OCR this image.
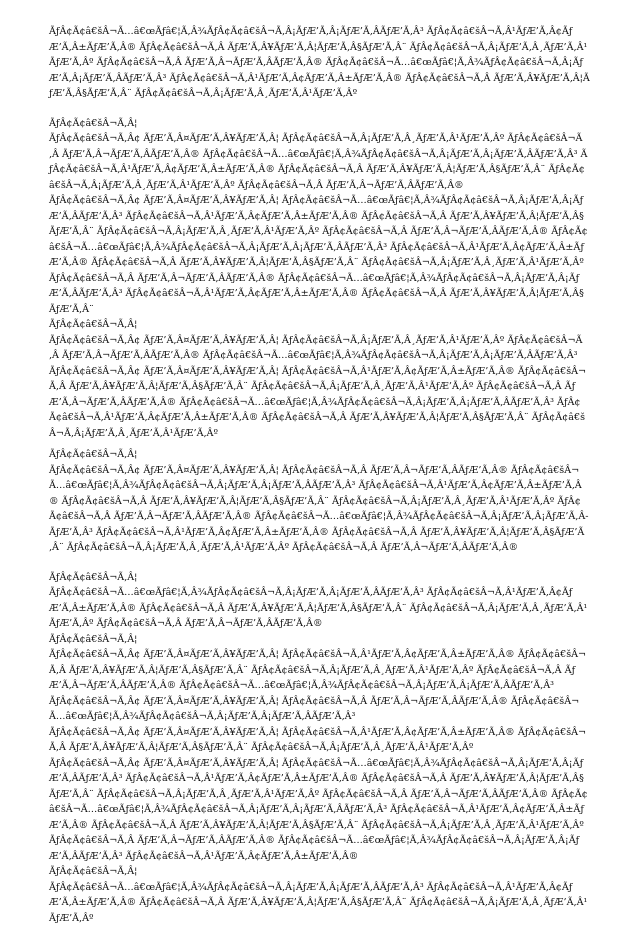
ÃƒÂ¢Ã¢â€šÂ¬Ã…â€œÃƒâ€¦Ã‚Â¾ÃƒÂ¢Ã¢â€šÂ¬Ã‚Â¡ÃƒÆ’Ã‚Â¡ÃƒÆ’Ã‚ÂÃƒÆ’Ã‚Â³ ÃƒÂ¢Ã¢â€šÂ¬Ã‚Â¹ÃƒÆ’Ã‚Â¢ÃƒÆ’Ã‚Â±ÃƒÆ’Ã‚Â® ÃƒÂ¢Ã¢â€šÂ¬Ã‚Â ÃƒÆ’Ã‚Â¥ÃƒÆ’Ã‚Â¦ÃƒÆ’Ã‚Â§ÃƒÆ’Ã‚Â¨ ÃƒÂ¢Ã¢â€šÂ¬Ã‚Â¡ÃƒÆ’Ã‚Â¸ÃƒÆ’Ã‚Â¹ÃƒÆ’Ã‚Âº ÃƒÂ¢Ã¢â€šÂ¬Ã‚Â ÃƒÆ’Ã‚Â¬ÃƒÆ’Ã‚ÂÃƒÆ’Ã‚Â® ÃƒÂ¢Ã¢â€šÂ¬Ã…â€œÃƒâ€¦Ã‚Â¾ÃƒÂ¢Ã¢â€šÂ¬Ã‚Â¡ÃƒÆ’Ã‚Â¡ÃƒÆ’Ã‚ÂÃƒÆ’Ã‚Â³ ÃƒÂ¢Ã¢â€šÂ¬Ã‚Â¹ÃƒÆ’Ã‚Â¢ÃƒÆ’Ã‚Â±ÃƒÆ’Ã‚Â® ÃƒÂ¢Ã¢â€šÂ¬Ã‚Â ÃƒÆ’Ã‚Â¥ÃƒÆ’Ã‚Â¦ÃƒÆ’Ã‚Â§ÃƒÆ’Ã‚Â¨ ÃƒÂ¢Ã¢â€šÂ¬Ã‚Â¡ÃƒÆ’Ã‚Â¸ÃƒÆ’Ã‚Â¹ÃƒÆ’Ã‚Âº

ÃƒÂ¢Ã¢â€šÂ¬Ã‚Â¦

ÃƒÂ¢Ã¢â€šÂ¬Ã‚Â¢ ÃƒÆ’Ã‚Â¤ÃƒÆ’Ã‚Â¥ÃƒÆ’Ã‚Â¦ ÃƒÂ¢Ã¢â€šÂ¬Ã‚Â¡ÃƒÆ’Ã‚Â¸ÃƒÆ’Ã‚Â¹ÃƒÆ’Ã‚Âº ÃƒÂ¢Ã¢â€šÂ¬Ã‚Â ÃƒÆ’Ã‚Â¬ÃƒÆ’Ã‚ÂÃƒÆ’Ã‚Â® ÃƒÂ¢Ã¢â€šÂ¬Ã…â€œÃƒâ€¦Ã‚Â¾ÃƒÂ¢Ã¢â€šÂ¬Ã‚Â¡ÃƒÆ’Ã‚Â¡ÃƒÆ’Ã‚ÂÃƒÆ’Ã‚Â³ ÃƒÂ¢Ã¢â€šÂ¬Ã‚Â¹ÃƒÆ’Ã‚Â¢ÃƒÆ’Ã‚Â±ÃƒÆ’Ã‚Â® ÃƒÂ¢Ã¢â€šÂ¬Ã‚Â ÃƒÆ’Ã‚Â¥ÃƒÆ’Ã‚Â¦ÃƒÆ’Ã‚Â§ÃƒÆ’Ã‚Â¨ ÃƒÂ¢Ã¢â€šÂ¬Ã‚Â¡ÃƒÆ’Ã‚Â¸ÃƒÆ’Ã‚Â¹ÃƒÆ’Ã‚Âº ÃƒÂ¢Ã¢â€šÂ¬Ã‚Â ÃƒÆ’Ã‚Â¬ÃƒÆ’Ã‚ÂÃƒÆ’Ã‚Â®

ÃƒÂ¢Ã¢â€šÂ¬Ã‚Â¢ ÃƒÆ’Ã‚Â¤ÃƒÆ’Ã‚Â¥ÃƒÆ’Ã‚Â¦ ÃƒÂ¢Ã¢â€šÂ¬Ã…â€œÃƒâ€¦Ã‚Â¾ÃƒÂ¢Ã¢â€šÂ¬Ã‚Â¡ÃƒÆ’Ã‚Â¡ÃƒÆ’Ã‚ÂÃƒÆ’Ã‚Â³ ÃƒÂ¢Ã¢â€šÂ¬Ã‚Â¹ÃƒÆ’Ã‚Â¢ÃƒÆ’Ã‚Â±ÃƒÆ’Ã‚Â® ÃƒÂ¢Ã¢â€šÂ¬Ã‚Â ÃƒÆ’Ã‚Â¥ÃƒÆ’Ã‚Â¦ÃƒÆ’Ã‚Â§ÃƒÆ’Ã‚Â¨ ÃƒÂ¢Ã¢â€šÂ¬Ã‚Â¡ÃƒÆ’Ã‚Â¸ÃƒÆ’Ã‚Â¹ÃƒÆ’Ã‚Âº ÃƒÂ¢Ã¢â€šÂ¬Ã‚Â ÃƒÆ’Ã‚Â¬ÃƒÆ’Ã‚ÂÃƒÆ’Ã‚Â® ÃƒÂ¢Ã¢â€šÂ¬Ã…â€œÃƒâ€¦Ã‚Â¾ÃƒÂ¢Ã¢â€šÂ¬Ã‚Â¡ÃƒÆ’Ã‚Â¡ÃƒÆ’Ã‚ÂÃƒÆ’Ã‚Â³ ÃƒÂ¢Ã¢â€šÂ¬Ã‚Â¹ÃƒÆ’Ã‚Â¢ÃƒÆ’Ã‚Â±ÃƒÆ’Ã‚Â® ÃƒÂ¢Ã¢â€šÂ¬Ã‚Â ÃƒÆ’Ã‚Â¥ÃƒÆ’Ã‚Â¦ÃƒÆ’Ã‚Â§ÃƒÆ’Ã‚Â¨ ÃƒÂ¢Ã¢â€šÂ¬Ã‚Â¡ÃƒÆ’Ã‚Â¸ÃƒÆ’Ã‚Â¹ÃƒÆ’Ã‚Âº ÃƒÂ¢Ã¢â€šÂ¬Ã‚Â ÃƒÆ’Ã‚Â¬ÃƒÆ’Ã‚ÂÃƒÆ’Ã‚Â® ÃƒÂ¢Ã¢â€šÂ¬Ã…â€œÃƒâ€¦Ã‚Â¾ÃƒÂ¢Ã¢â€šÂ¬Ã‚Â¡ÃƒÆ’Ã‚Â¡ÃƒÆ’Ã‚ÂÃƒÆ’Ã‚Â³ ÃƒÂ¢Ã¢â€šÂ¬Ã‚Â¹ÃƒÆ’Ã‚Â¢ÃƒÆ’Ã‚Â±ÃƒÆ’Ã‚Â® ÃƒÂ¢Ã¢â€šÂ¬Ã‚Â ÃƒÆ’Ã‚Â¥ÃƒÆ’Ã‚Â¦ÃƒÆ’Ã‚Â§ÃƒÆ’Ã‚Â¨

ÃƒÂ¢Ã¢â€šÂ¬Ã‚Â¦

ÃƒÂ¢Ã¢â€šÂ¬Ã‚Â¢ ÃƒÆ’Ã‚Â¤ÃƒÆ’Ã‚Â¥ÃƒÆ’Ã‚Â¦ ÃƒÂ¢Ã¢â€šÂ¬Ã‚Â¡ÃƒÆ’Ã‚Â¸ÃƒÆ’Ã‚Â¹ÃƒÆ’Ã‚Âº ÃƒÂ¢Ã¢â€šÂ¬Ã‚Â ÃƒÆ’Ã‚Â¬ÃƒÆ’Ã‚ÂÃƒÆ’Ã‚Â® ÃƒÂ¢Ã¢â€šÂ¬Ã…â€œÃƒâ€¦Ã‚Â¾ÃƒÂ¢Ã¢â€šÂ¬Ã‚Â¡ÃƒÆ’Ã‚Â¡ÃƒÆ’Ã‚ÂÃƒÆ’Ã‚Â³

ÃƒÂ¢Ã¢â€šÂ¬Ã‚Â¢ ÃƒÆ’Ã‚Â¤ÃƒÆ’Ã‚Â¥ÃƒÆ’Ã‚Â¦ ÃƒÂ¢Ã¢â€šÂ¬Ã‚Â¹ÃƒÆ’Ã‚Â¢ÃƒÆ’Ã‚Â±ÃƒÆ’Ã‚Â® ÃƒÂ¢Ã¢â€šÂ¬Ã‚Â ÃƒÆ’Ã‚Â¥ÃƒÆ’Ã‚Â¦ÃƒÆ’Ã‚Â§ÃƒÆ’Ã‚Â¨ ÃƒÂ¢Ã¢â€šÂ¬Ã‚Â¡ÃƒÆ’Ã‚Â¸ÃƒÆ’Ã‚Â¹ÃƒÆ’Ã‚Âº ÃƒÂ¢Ã¢â€šÂ¬Ã‚Â ÃƒÆ’Ã‚Â¬ÃƒÆ’Ã‚ÂÃƒÆ’Ã‚Â® ÃƒÂ¢Ã¢â€šÂ¬Ã…â€œÃƒâ€¦Ã‚Â¾ÃƒÂ¢Ã¢â€šÂ¬Ã‚Â¡ÃƒÆ’Ã‚Â¡ÃƒÆ’Ã‚ÂÃƒÆ’Ã‚Â³ ÃƒÂ¢Ã¢â€šÂ¬Ã‚Â¹ÃƒÆ’Ã‚Â¢ÃƒÆ’Ã‚Â±ÃƒÆ’Ã‚Â® ÃƒÂ¢Ã¢â€šÂ¬Ã‚Â ÃƒÆ’Ã‚Â¥ÃƒÆ’Ã‚Â¦ÃƒÆ’Ã‚Â§ÃƒÆ’Ã‚Â¨ ÃƒÂ¢Ã¢â€šÂ¬Ã‚Â¡ÃƒÆ’Ã‚Â¸ÃƒÆ’Ã‚Â¹ÃƒÆ’Ã‚Âº

ÃƒÂ¢Ã¢â€šÂ¬Ã‚Â¦

ÃƒÂ¢Ã¢â€šÂ¬Ã‚Â¢ ÃƒÆ’Ã‚Â¤ÃƒÆ’Ã‚Â¥ÃƒÆ’Ã‚Â¦ ÃƒÂ¢Ã¢â€šÂ¬Ã‚Â ÃƒÆ’Ã‚Â¬ÃƒÆ’Ã‚ÂÃƒÆ’Ã‚Â® ÃƒÂ¢Ã¢â€šÂ¬Ã…â€œÃƒâ€¦Ã‚Â¾ÃƒÂ¢Ã¢â€šÂ¬Ã‚Â¡ÃƒÆ’Ã‚Â¡ÃƒÆ’Ã‚ÂÃƒÆ’Ã‚Â³ ÃƒÂ¢Ã¢â€šÂ¬Ã‚Â¹ÃƒÆ’Ã‚Â¢ÃƒÆ’Ã‚Â±ÃƒÆ’Ã‚Â® ÃƒÂ¢Ã¢â€šÂ¬Ã‚Â ÃƒÆ’Ã‚Â¥ÃƒÆ’Ã‚Â¦ÃƒÆ’Ã‚Â§ÃƒÆ’Ã‚Â¨ ÃƒÂ¢Ã¢â€šÂ¬Ã‚Â¡ÃƒÆ’Ã‚Â¸ÃƒÆ’Ã‚Â¹ÃƒÆ’Ã‚Âº ÃƒÂ¢Ã¢â€šÂ¬Ã‚Â ÃƒÆ’Ã‚Â¬ÃƒÆ’Ã‚ÂÃƒÆ’Ã‚Â® ÃƒÂ¢Ã¢â€šÂ¬Ã…â€œÃƒâ€¦Ã‚Â¾ÃƒÂ¢Ã¢â€šÂ¬Ã‚Â¡ÃƒÆ’Ã‚Â¡ÃƒÆ’Ã‚ÂÃƒÆ’Ã‚Â³ ÃƒÂ¢Ã¢â€šÂ¬Ã‚Â¹ÃƒÆ’Ã‚Â¢ÃƒÆ’Ã‚Â±ÃƒÆ’Ã‚Â® ÃƒÂ¢Ã¢â€šÂ¬Ã‚Â ÃƒÆ’Ã‚Â¥ÃƒÆ’Ã‚Â¦ÃƒÆ’Ã‚Â§ÃƒÆ’Ã‚Â¨ ÃƒÂ¢Ã¢â€šÂ¬Ã‚Â¡ÃƒÆ’Ã‚Â¸ÃƒÆ’Ã‚Â¹ÃƒÆ’Ã‚Âº ÃƒÂ¢Ã¢â€šÂ¬Ã‚Â ÃƒÆ’Ã‚Â¬ÃƒÆ’Ã‚ÂÃƒÆ’Ã‚Â®

ÃƒÂ¢Ã¢â€šÂ¬Ã‚Â¦

ÃƒÂ¢Ã¢â€šÂ¬Ã…â€œÃƒâ€¦Ã‚Â¾ÃƒÂ¢Ã¢â€šÂ¬Ã‚Â¡ÃƒÆ’Ã‚Â¡ÃƒÆ’Ã‚ÂÃƒÆ’Ã‚Â³ ÃƒÂ¢Ã¢â€šÂ¬Ã‚Â¹ÃƒÆ’Ã‚Â¢ÃƒÆ’Ã‚Â±ÃƒÆ’Ã‚Â® ÃƒÂ¢Ã¢â€šÂ¬Ã‚Â ÃƒÆ’Ã‚Â¥ÃƒÆ’Ã‚Â¦ÃƒÆ’Ã‚Â§ÃƒÆ’Ã‚Â¨ ÃƒÂ¢Ã¢â€šÂ¬Ã‚Â¡ÃƒÆ’Ã‚Â¸ÃƒÆ’Ã‚Â¹ÃƒÆ’Ã‚Âº ÃƒÂ¢Ã¢â€šÂ¬Ã‚Â ÃƒÆ’Ã‚Â¬ÃƒÆ’Ã‚ÂÃƒÆ’Ã‚Â®

ÃƒÂ¢Ã¢â€šÂ¬Ã‚Â¦

ÃƒÂ¢Ã¢â€šÂ¬Ã‚Â¢ ÃƒÆ’Ã‚Â¤ÃƒÆ’Ã‚Â¥ÃƒÆ’Ã‚Â¦ ÃƒÂ¢Ã¢â€šÂ¬Ã‚Â¹ÃƒÆ’Ã‚Â¢ÃƒÆ’Ã‚Â±ÃƒÆ’Ã‚Â® ÃƒÂ¢Ã¢â€šÂ¬Ã‚Â ÃƒÆ’Ã‚Â¥ÃƒÆ’Ã‚Â¦ÃƒÆ’Ã‚Â§ÃƒÆ’Ã‚Â¨ ÃƒÂ¢Ã¢â€šÂ¬Ã‚Â¡ÃƒÆ’Ã‚Â¸ÃƒÆ’Ã‚Â¹ÃƒÆ’Ã‚Âº ÃƒÂ¢Ã¢â€šÂ¬Ã‚Â ÃƒÆ’Ã‚Â¬ÃƒÆ’Ã‚ÂÃƒÆ’Ã‚Â® ÃƒÂ¢Ã¢â€šÂ¬Ã…â€œÃƒâ€¦Ã‚Â¾ÃƒÂ¢Ã¢â€šÂ¬Ã‚Â¡ÃƒÆ’Ã‚Â¡ÃƒÆ’Ã‚ÂÃƒÆ’Ã‚Â³

ÃƒÂ¢Ã¢â€šÂ¬Ã‚Â¢ ÃƒÆ’Ã‚Â¤ÃƒÆ’Ã‚Â¥ÃƒÆ’Ã‚Â¦ ÃƒÂ¢Ã¢â€šÂ¬Ã‚Â ÃƒÆ’Ã‚Â¬ÃƒÆ’Ã‚ÂÃƒÆ’Ã‚Â® ÃƒÂ¢Ã¢â€šÂ¬Ã…â€œÃƒâ€¦Ã‚Â¾ÃƒÂ¢Ã¢â€šÂ¬Ã‚Â¡ÃƒÆ’Ã‚Â¡ÃƒÆ’Ã‚ÂÃƒÆ’Ã‚Â³

ÃƒÂ¢Ã¢â€šÂ¬Ã‚Â¢ ÃƒÆ’Ã‚Â¤ÃƒÆ’Ã‚Â¥ÃƒÆ’Ã‚Â¦ ÃƒÂ¢Ã¢â€šÂ¬Ã‚Â¹ÃƒÆ’Ã‚Â¢ÃƒÆ’Ã‚Â±ÃƒÆ’Ã‚Â® ÃƒÂ¢Ã¢â€šÂ¬Ã‚Â ÃƒÆ’Ã‚Â¥ÃƒÆ’Ã‚Â¦ÃƒÆ’Ã‚Â§ÃƒÆ’Ã‚Â¨ ÃƒÂ¢Ã¢â€šÂ¬Ã‚Â¡ÃƒÆ’Ã‚Â¸ÃƒÆ’Ã‚Â¹ÃƒÆ’Ã‚Âº

ÃƒÂ¢Ã¢â€šÂ¬Ã‚Â¢ ÃƒÆ’Ã‚Â¤ÃƒÆ’Ã‚Â¥ÃƒÆ’Ã‚Â¦ ÃƒÂ¢Ã¢â€šÂ¬Ã…â€œÃƒâ€¦Ã‚Â¾ÃƒÂ¢Ã¢â€šÂ¬Ã‚Â¡ÃƒÆ’Ã‚Â¡ÃƒÆ’Ã‚ÂÃƒÆ’Ã‚Â³ ÃƒÂ¢Ã¢â€šÂ¬Ã‚Â¹ÃƒÆ’Ã‚Â¢ÃƒÆ’Ã‚Â±ÃƒÆ’Ã‚Â® ÃƒÂ¢Ã¢â€šÂ¬Ã‚Â ÃƒÆ’Ã‚Â¥ÃƒÆ’Ã‚Â¦ÃƒÆ’Ã‚Â§ÃƒÆ’Ã‚Â¨ ÃƒÂ¢Ã¢â€šÂ¬Ã‚Â¡ÃƒÆ’Ã‚Â¸ÃƒÆ’Ã‚Â¹ÃƒÆ’Ã‚Âº ÃƒÂ¢Ã¢â€šÂ¬Ã‚Â ÃƒÆ’Ã‚Â¬ÃƒÆ’Ã‚ÂÃƒÆ’Ã‚Â® ÃƒÂ¢Ã¢â€šÂ¬Ã…â€œÃƒâ€¦Ã‚Â¾ÃƒÂ¢Ã¢â€šÂ¬Ã‚Â¡ÃƒÆ’Ã‚Â¡ÃƒÆ’Ã‚ÂÃƒÆ’Ã‚Â³ ÃƒÂ¢Ã¢â€šÂ¬Ã‚Â¹ÃƒÆ’Ã‚Â¢ÃƒÆ’Ã‚Â±ÃƒÆ’Ã‚Â® ÃƒÂ¢Ã¢â€šÂ¬Ã‚Â ÃƒÆ’Ã‚Â¥ÃƒÆ’Ã‚Â¦ÃƒÆ’Ã‚Â§ÃƒÆ’Ã‚Â¨ ÃƒÂ¢Ã¢â€šÂ¬Ã‚Â¡ÃƒÆ’Ã‚Â¸ÃƒÆ’Ã‚Â¹ÃƒÆ’Ã‚Âº ÃƒÂ¢Ã¢â€šÂ¬Ã‚Â ÃƒÆ’Ã‚Â¬ÃƒÆ’Ã‚ÂÃƒÆ’Ã‚Â® ÃƒÂ¢Ã¢â€šÂ¬Ã…â€œÃƒâ€¦Ã‚Â¾ÃƒÂ¢Ã¢â€šÂ¬Ã‚Â¡ÃƒÆ’Ã‚Â¡ÃƒÆ’Ã‚ÂÃƒÆ’Ã‚Â³ ÃƒÂ¢Ã¢â€šÂ¬Ã‚Â¹ÃƒÆ’Ã‚Â¢ÃƒÆ’Ã‚Â±ÃƒÆ’Ã‚Â®

ÃƒÂ¢Ã¢â€šÂ¬Ã‚Â¦

ÃƒÂ¢Ã¢â€šÂ¬Ã…â€œÃƒâ€¦Ã‚Â¾ÃƒÂ¢Ã¢â€šÂ¬Ã‚Â¡ÃƒÆ’Ã‚Â¡ÃƒÆ’Ã‚ÂÃƒÆ’Ã‚Â³ ÃƒÂ¢Ã¢â€šÂ¬Ã‚Â¹ÃƒÆ’Ã‚Â¢ÃƒÆ’Ã‚Â±ÃƒÆ’Ã‚Â® ÃƒÂ¢Ã¢â€šÂ¬Ã‚Â ÃƒÆ’Ã‚Â¥ÃƒÆ’Ã‚Â¦ÃƒÆ’Ã‚Â§ÃƒÆ’Ã‚Â¨ ÃƒÂ¢Ã¢â€šÂ¬Ã‚Â¡ÃƒÆ’Ã‚Â¸ÃƒÆ’Ã‚Â¹ÃƒÆ’Ã‚Âº
